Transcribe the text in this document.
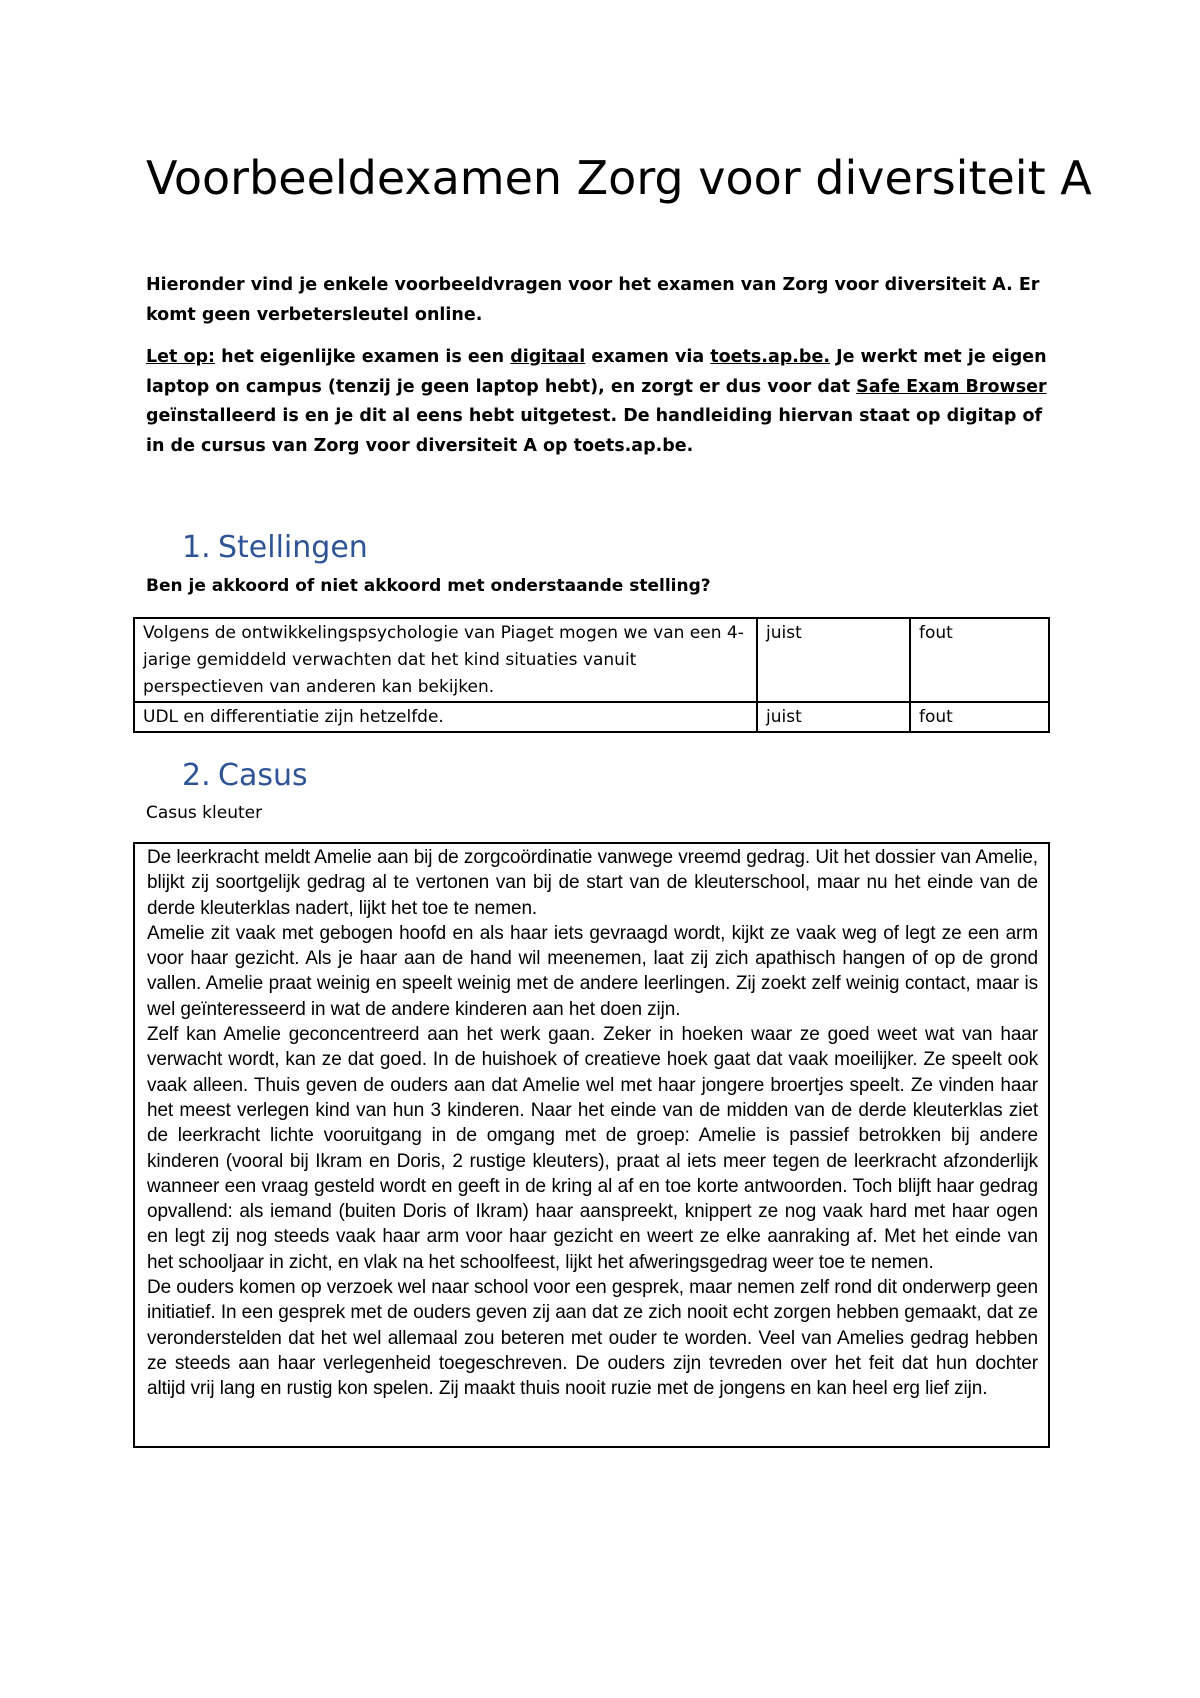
Voorbeeldexamen Zorg voor diversiteit A

Hieronder vind je enkele voorbeeldvragen voor het examen van Zorg voor diversiteit A. Er komt geen verbetersleutel online.

Let op: het eigenlijke examen is een digitaal examen via toets.ap.be. Je werkt met je eigen laptop on campus (tenzij je geen laptop hebt), en zorgt er dus voor dat Safe Exam Browser geïnstalleerd is en je dit al eens hebt uitgetest. De handleiding hiervan staat op digitap of in de cursus van Zorg voor diversiteit A op toets.ap.be.

1. Stellingen

Ben je akkoord of niet akkoord met onderstaande stelling?

Volgens de ontwikkelingspsychologie van Piaget mogen we van een 4-jarige gemiddeld verwachten dat het kind situaties vanuit perspectieven van anderen kan bekijken.	juist	fout
UDL en differentiatie zijn hetzelfde.	juist	fout
2. Casus

Casus kleuter

De leerkracht meldt Amelie aan bij de zorgcoördinatie vanwege vreemd gedrag. Uit het dossier van Amelie, blijkt zij soortgelijk gedrag al te vertonen van bij de start van de kleuterschool, maar nu het einde van de derde kleuterklas nadert, lijkt het toe te nemen.

Amelie zit vaak met gebogen hoofd en als haar iets gevraagd wordt, kijkt ze vaak weg of legt ze een arm voor haar gezicht. Als je haar aan de hand wil meenemen, laat zij zich apathisch hangen of op de grond vallen. Amelie praat weinig en speelt weinig met de andere leerlingen. Zij zoekt zelf weinig contact, maar is wel geïnteresseerd in wat de andere kinderen aan het doen zijn.

Zelf kan Amelie geconcentreerd aan het werk gaan. Zeker in hoeken waar ze goed weet wat van haar verwacht wordt, kan ze dat goed. In de huishoek of creatieve hoek gaat dat vaak moeilijker. Ze speelt ook vaak alleen. Thuis geven de ouders aan dat Amelie wel met haar jongere broertjes speelt. Ze vinden haar het meest verlegen kind van hun 3 kinderen. Naar het einde van de midden van de derde kleuterklas ziet de leerkracht lichte vooruitgang in de omgang met de groep: Amelie is passief betrokken bij andere kinderen (vooral bij Ikram en Doris, 2 rustige kleuters), praat al iets meer tegen de leerkracht afzonderlijk wanneer een vraag gesteld wordt en geeft in de kring al af en toe korte antwoorden. Toch blijft haar gedrag opvallend: als iemand (buiten Doris of Ikram) haar aanspreekt, knippert ze nog vaak hard met haar ogen en legt zij nog steeds vaak haar arm voor haar gezicht en weert ze elke aanraking af. Met het einde van het schooljaar in zicht, en vlak na het schoolfeest, lijkt het afweringsgedrag weer toe te nemen.

De ouders komen op verzoek wel naar school voor een gesprek, maar nemen zelf rond dit onderwerp geen initiatief. In een gesprek met de ouders geven zij aan dat ze zich nooit echt zorgen hebben gemaakt, dat ze veronderstelden dat het wel allemaal zou beteren met ouder te worden. Veel van Amelies gedrag hebben ze steeds aan haar verlegenheid toegeschreven. De ouders zijn tevreden over het feit dat hun dochter altijd vrij lang en rustig kon spelen. Zij maakt thuis nooit ruzie met de jongens en kan heel erg lief zijn.
